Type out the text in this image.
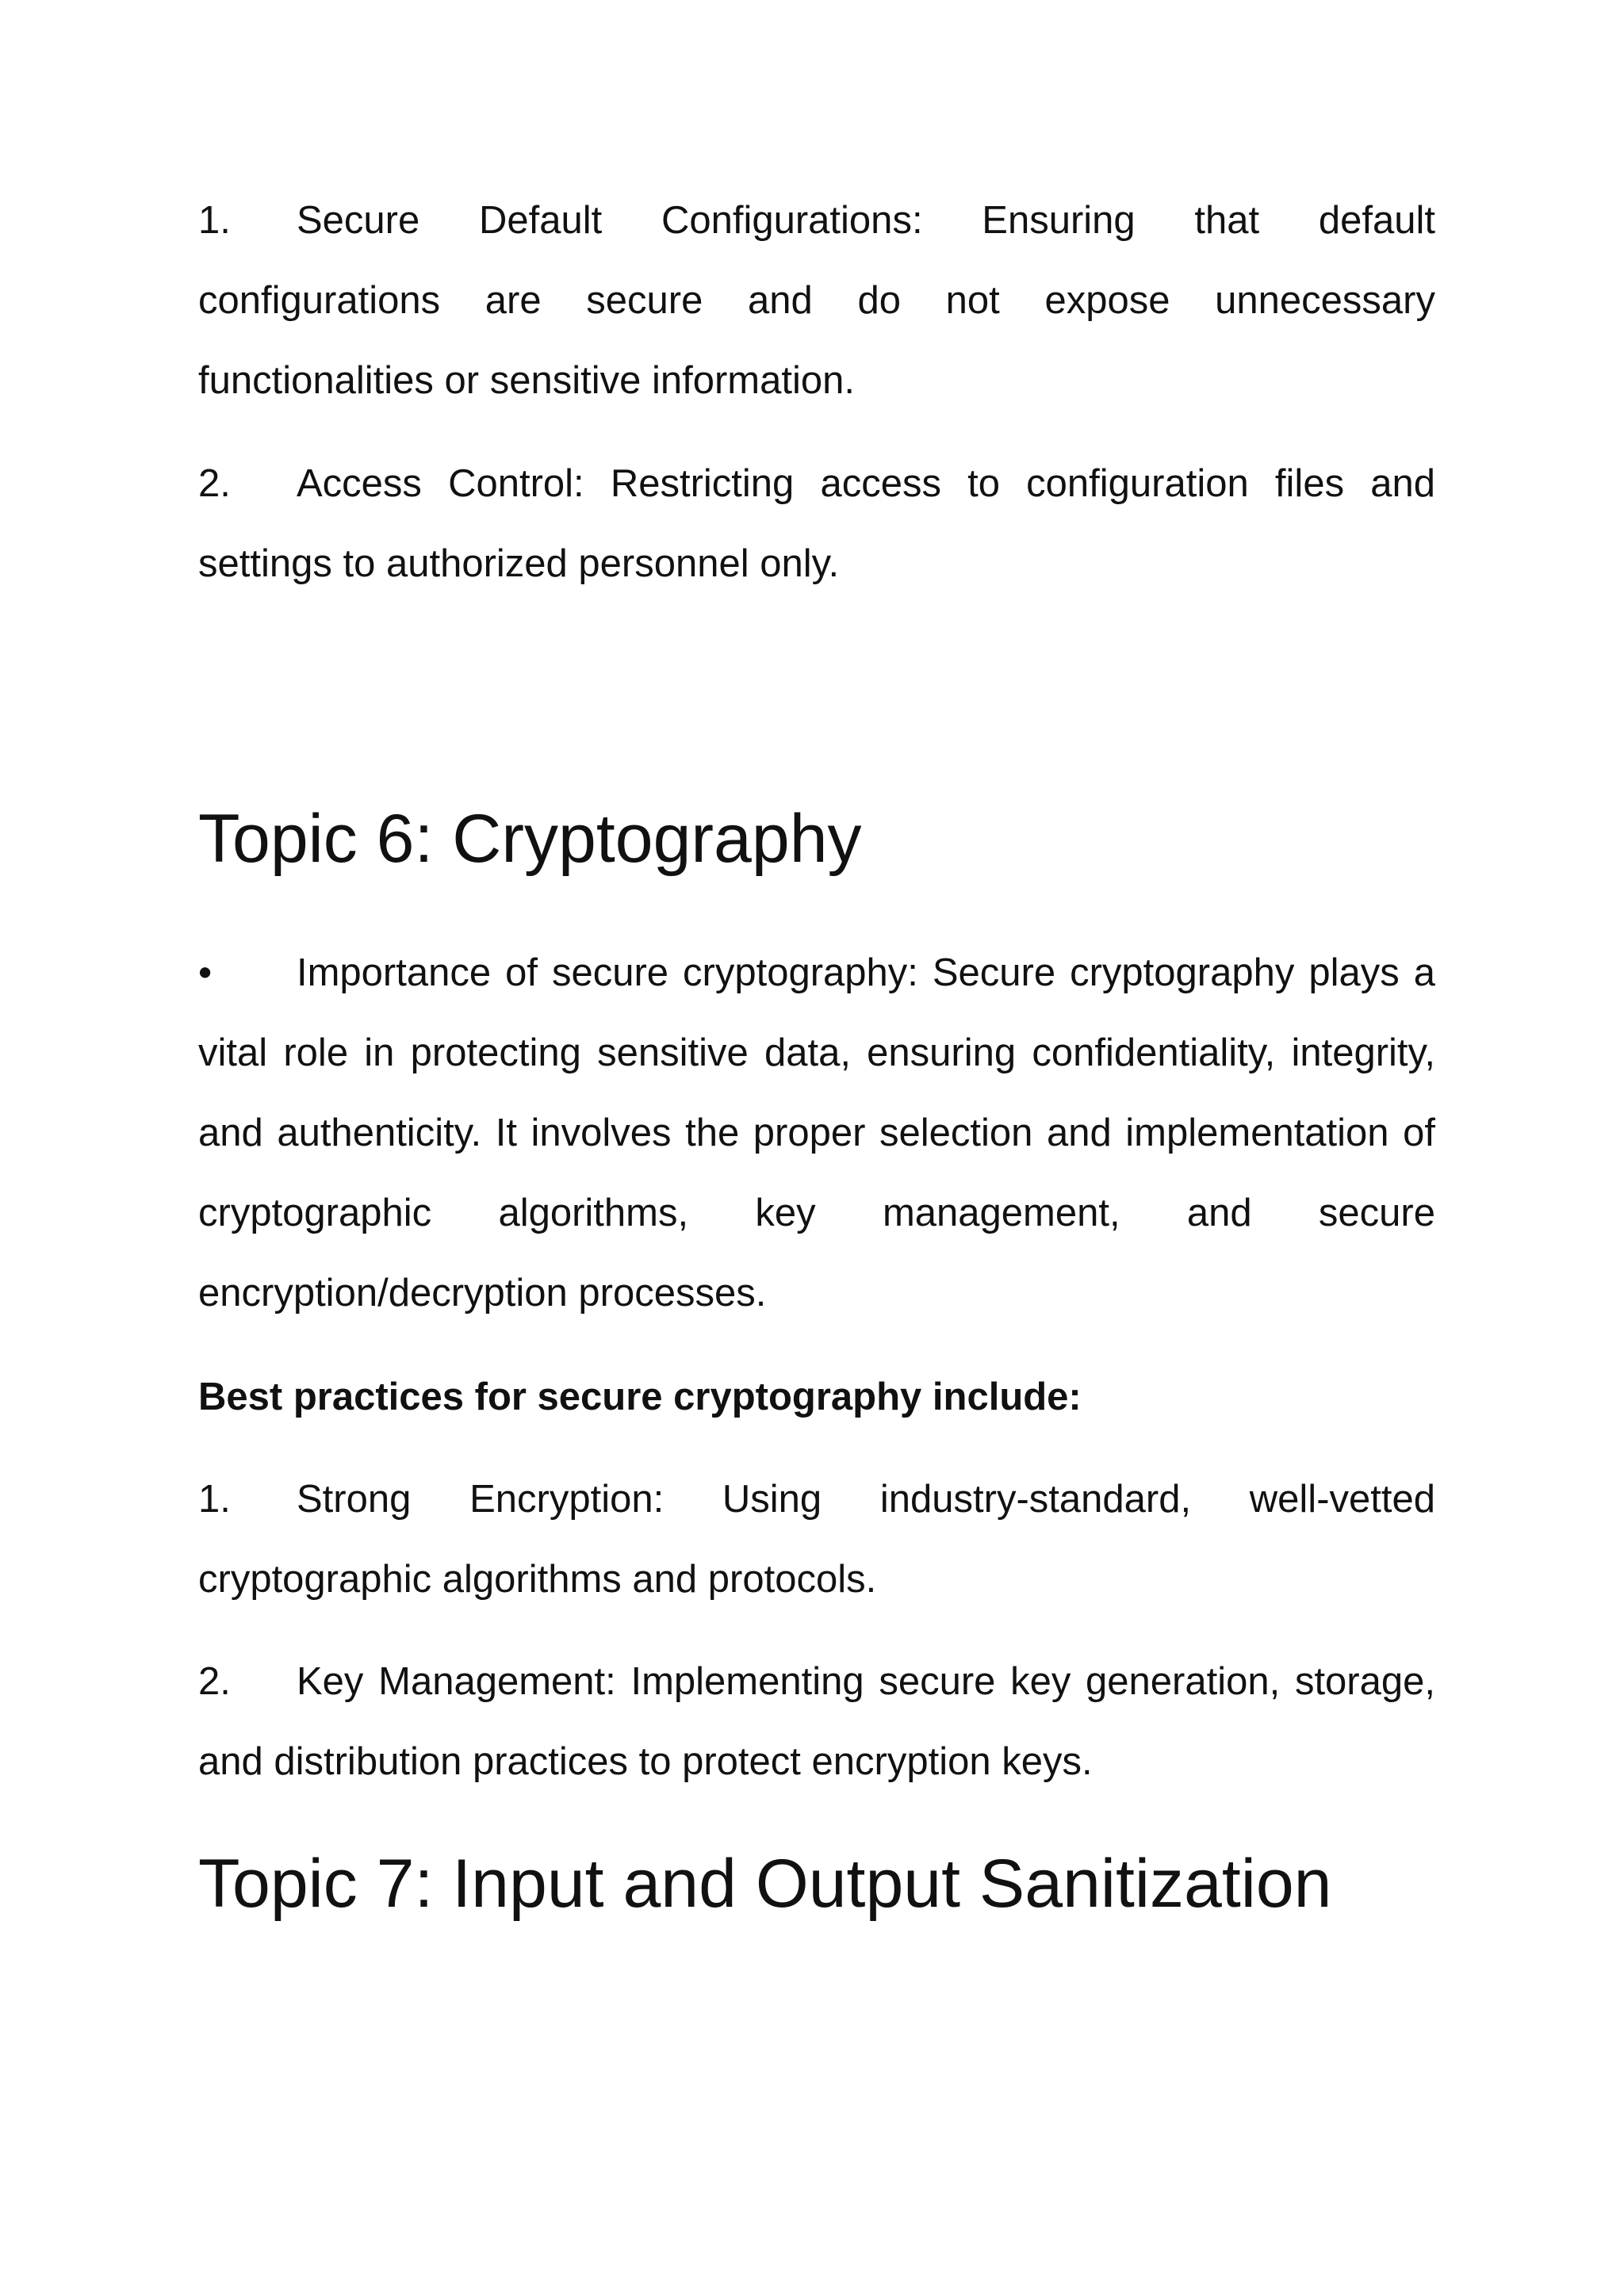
1. Secure Default Configurations: Ensuring that default configurations are secure and do not expose unnecessary functionalities or sensitive information.

2. Access Control: Restricting access to configuration files and settings to authorized personnel only.

Topic 6: Cryptography

• Importance of secure cryptography: Secure cryptography plays a vital role in protecting sensitive data, ensuring confidentiality, integrity, and authenticity. It involves the proper selection and implementation of cryptographic algorithms, key management, and secure encryption/decryption processes.

Best practices for secure cryptography include:

1. Strong Encryption: Using industry-standard, well-vetted cryptographic algorithms and protocols.

2. Key Management: Implementing secure key generation, storage, and distribution practices to protect encryption keys.

Topic 7: Input and Output Sanitization
